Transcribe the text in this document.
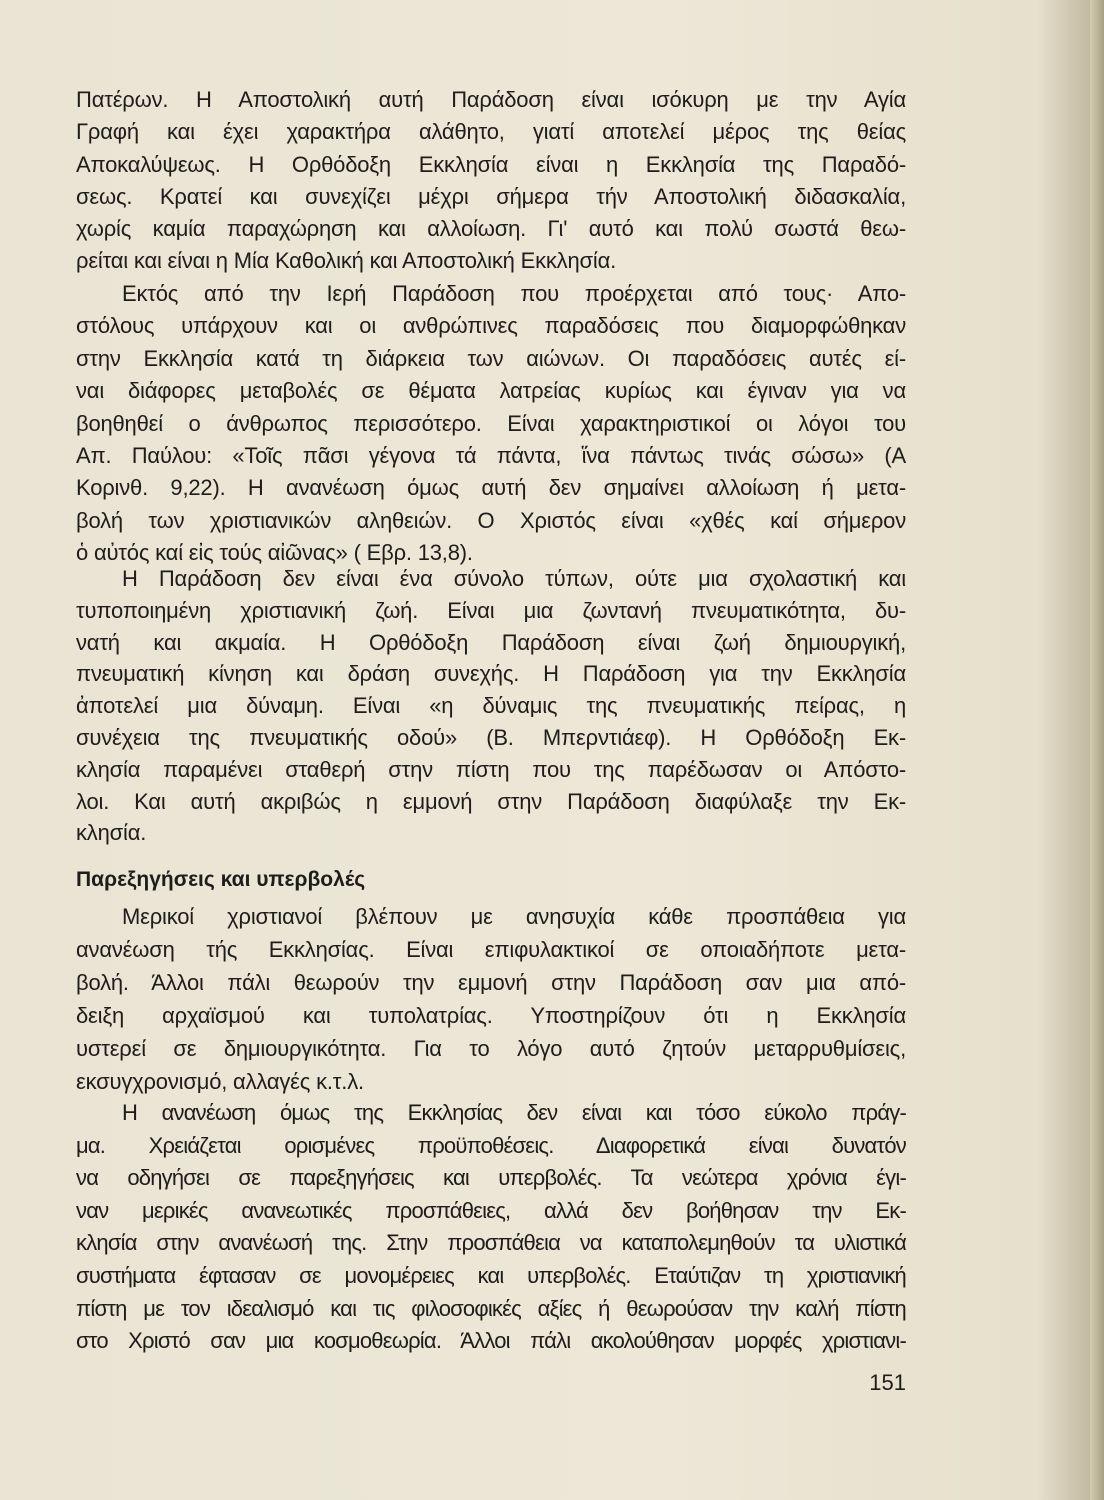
Πατέρων. Η Αποστολική αυτή Παράδοση είναι ισόκυρη με την Αγία
Γραφή και έχει χαρακτήρα αλάθητο, γιατί αποτελεί μέρος της θείας
Αποκαλύψεως. Η Ορθόδοξη Εκκλησία είναι η Εκκλησία της Παραδό-
σεως. Κρατεί και συνεχίζει μέχρι σήμερα τήν Αποστολική διδασκαλία,
χωρίς καμία παραχώρηση και αλλοίωση. Γι' αυτό και πολύ σωστά θεω-
ρείται και είναι η Μία Καθολική και Αποστολική Εκκλησία.
Εκτός από την Ιερή Παράδοση που προέρχεται από τους· Απο-
στόλους υπάρχουν και οι ανθρώπινες παραδόσεις που διαμορφώθηκαν
στην Εκκλησία κατά τη διάρκεια των αιώνων. Οι παραδόσεις αυτές εί-
ναι διάφορες μεταβολές σε θέματα λατρείας κυρίως και έγιναν για να
βοηθηθεί ο άνθρωπος περισσότερο. Είναι χαρακτηριστικοί οι λόγοι του
Απ. Παύλου: «Τοῖς πᾶσι γέγονα τά πάντα, ἵνα πάντως τινάς σώσω» (Α
Κορινθ. 9,22). Η ανανέωση όμως αυτή δεν σημαίνει αλλοίωση ή μετα-
βολή των χριστιανικών αληθειών. Ο Χριστός είναι «χθές καί σήμερον
ὁ αὐτός καί εἰς τούς αἰῶνας» ( Εβρ. 13,8).
Η Παράδοση δεν είναι ένα σύνολο τύπων, ούτε μια σχολαστική και
τυποποιημένη χριστιανική ζωή. Είναι μια ζωντανή πνευματικότητα, δυ-
νατή και ακμαία. Η Ορθόδοξη Παράδοση είναι ζωή δημιουργική,
πνευματική κίνηση και δράση συνεχής. Η Παράδοση για την Εκκλησία
ἀποτελεί μια δύναμη. Είναι «η δύναμις της πνευματικής πείρας, η
συνέχεια της πνευματικής οδού» (Β. Μπερντιάεφ). Η Ορθόδοξη Εκ-
κλησία παραμένει σταθερή στην πίστη που της παρέδωσαν οι Απόστο-
λοι. Και αυτή ακριβώς η εμμονή στην Παράδοση διαφύλαξε την Εκ-
κλησία.
Παρεξηγήσεις και υπερβολές
Μερικοί χριστιανοί βλέπουν με ανησυχία κάθε προσπάθεια για
ανανέωση τής Εκκλησίας. Είναι επιφυλακτικοί σε οποιαδήποτε μετα-
βολή. Άλλοι πάλι θεωρούν την εμμονή στην Παράδοση σαν μια από-
δειξη αρχαϊσμού και τυπολατρίας. Υποστηρίζουν ότι η Εκκλησία
υστερεί σε δημιουργικότητα. Για το λόγο αυτό ζητούν μεταρρυθμίσεις,
εκσυγχρονισμό, αλλαγές κ.τ.λ.
Η ανανέωση όμως της Εκκλησίας δεν είναι και τόσο εύκολο πράγ-
μα. Χρειάζεται ορισμένες προϋποθέσεις. Διαφορετικά είναι δυνατόν
να οδηγήσει σε παρεξηγήσεις και υπερβολές. Τα νεώτερα χρόνια έγι-
ναν μερικές ανανεωτικές προσπάθειες, αλλά δεν βοήθησαν την Εκ-
κλησία στην ανανέωσή της. Στην προσπάθεια να καταπολεμηθούν τα υλιστικά
συστήματα έφτασαν σε μονομέρειες και υπερβολές. Εταύτιζαν τη χριστιανική
πίστη με τον ιδεαλισμό και τις φιλοσοφικές αξίες ή θεωρούσαν την καλή πίστη
στο Χριστό σαν μια κοσμοθεωρία. Άλλοι πάλι ακολούθησαν μορφές χριστιανι-
151
